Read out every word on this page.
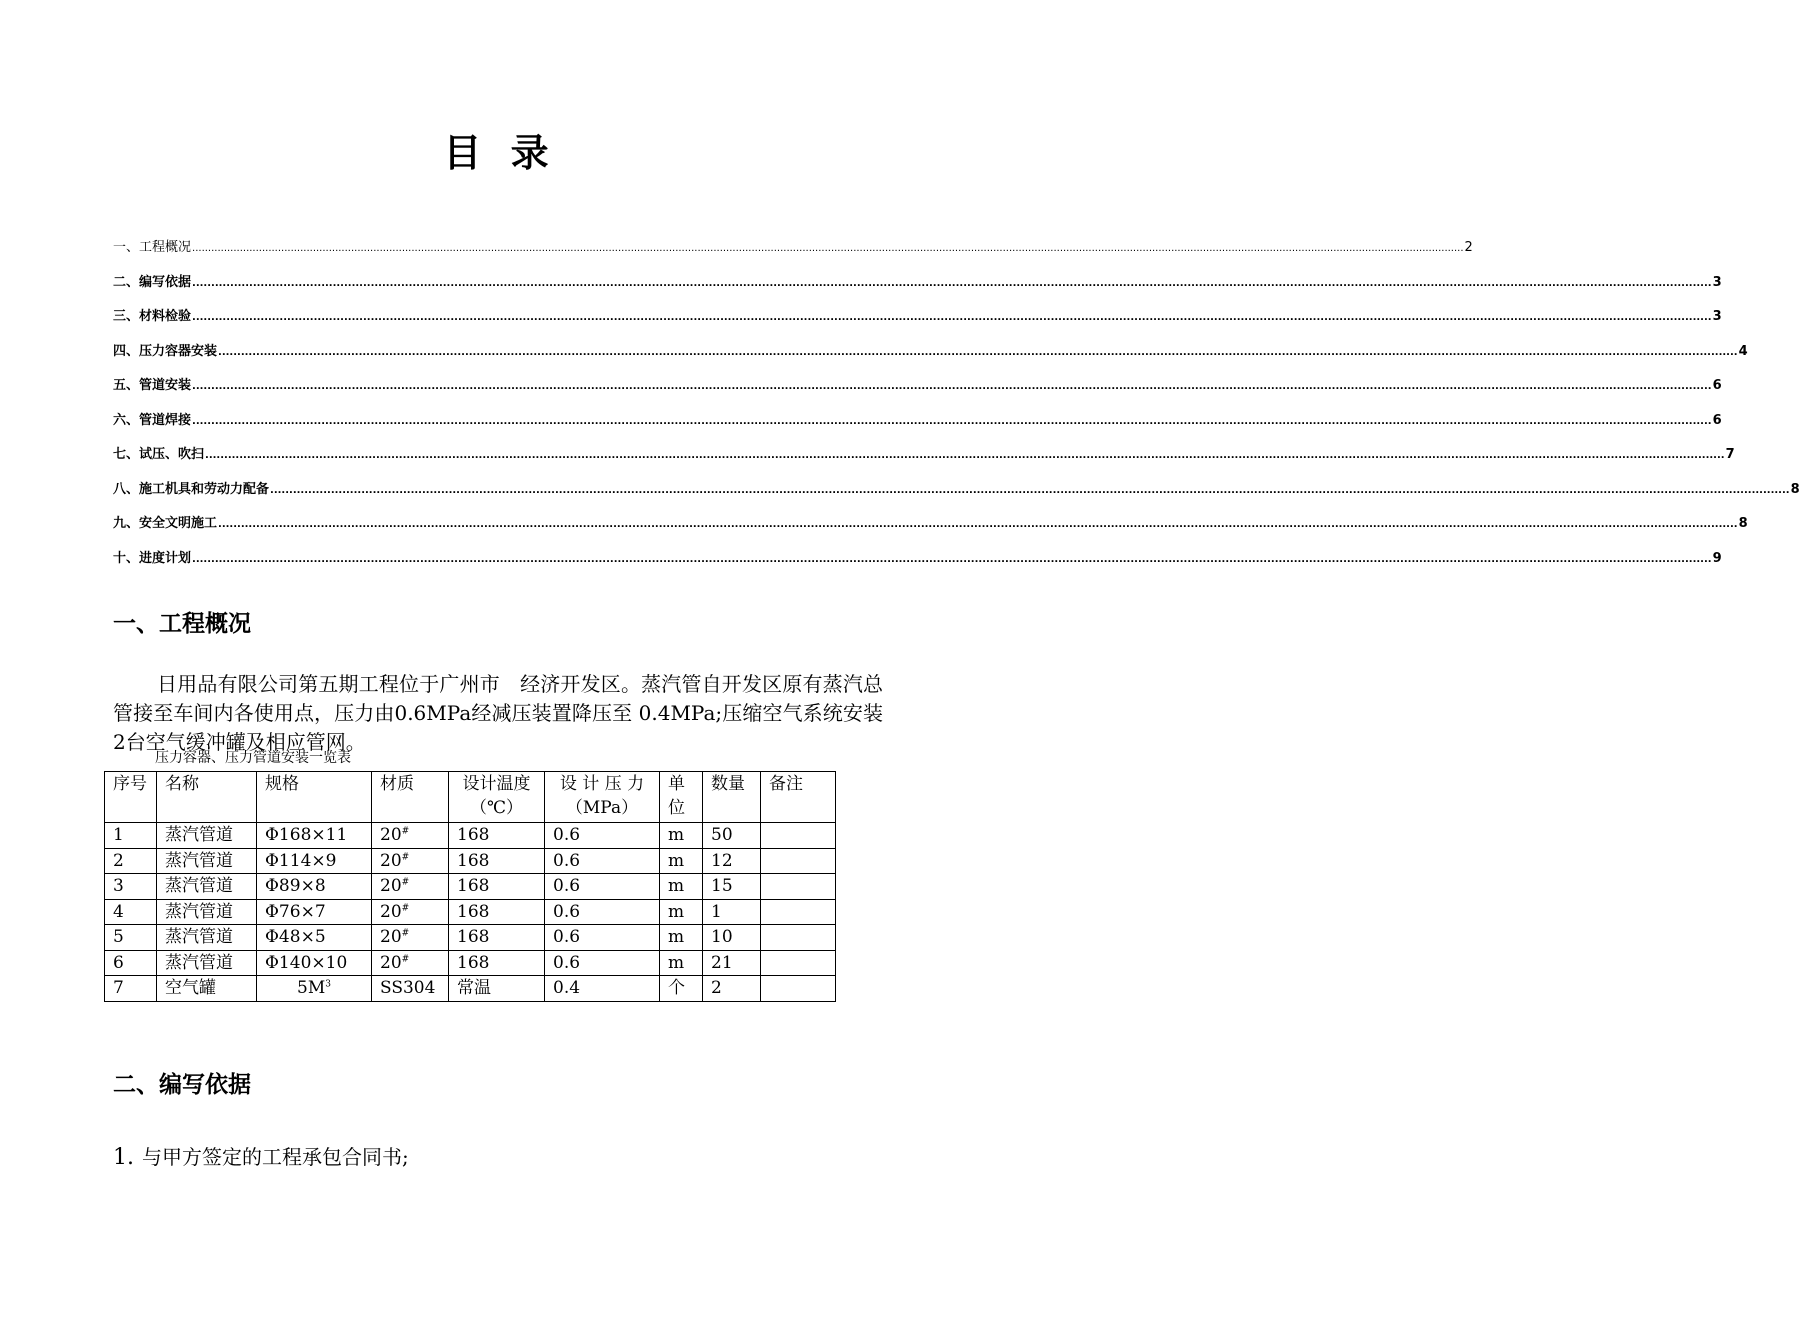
目 录
一、 工程概况 ................................................................................................................................................................................................................................................................................................................................................................................................................ 2
二、 编写依据 ................................................................................................................................................................................................................................................................................................................................................................................................................ 3
三、 材料检验 ................................................................................................................................................................................................................................................................................................................................................................................................................ 3
四、 压力容器安装 ................................................................................................................................................................................................................................................................................................................................................................................................................ 4
五、 管道安装 ................................................................................................................................................................................................................................................................................................................................................................................................................ 6
六、 管道焊接 ................................................................................................................................................................................................................................................................................................................................................................................................................ 6
七、 试压、吹扫 ................................................................................................................................................................................................................................................................................................................................................................................................................ 7
八、 施工机具和劳动力配备 ................................................................................................................................................................................................................................................................................................................................................................................................................ 8
九、 安全文明施工 ................................................................................................................................................................................................................................................................................................................................................................................................................ 8
十、 进度计划 ................................................................................................................................................................................................................................................................................................................................................................................................................ 9
一、工程概况
日用品有限公司第五期工程位于广州市　经济开发区。蒸汽管自开发区原有蒸汽总管接至车间内各使用点，压力由0.6MPa经减压装置降压至 0.4MPa;压缩空气系统安装2台空气缓冲罐及相应管网。
压力容器、压力管道安装一览表
序号	名称	规格	材质	设计温度（℃）	设 计 压 力（MPa）	单位	数量	备注
1	蒸汽管道	Φ168×11	20#	168	0.6	m	50	
2	蒸汽管道	Φ114×9	20#	168	0.6	m	12	
3	蒸汽管道	Φ89×8	20#	168	0.6	m	15	
4	蒸汽管道	Φ76×7	20#	168	0.6	m	1	
5	蒸汽管道	Φ48×5	20#	168	0.6	m	10	
6	蒸汽管道	Φ140×10	20#	168	0.6	m	21	
7	空气罐	$5M^3$	SS304	常温	0.4	个	2	
二、编写依据
1. 与甲方签定的工程承包合同书;
